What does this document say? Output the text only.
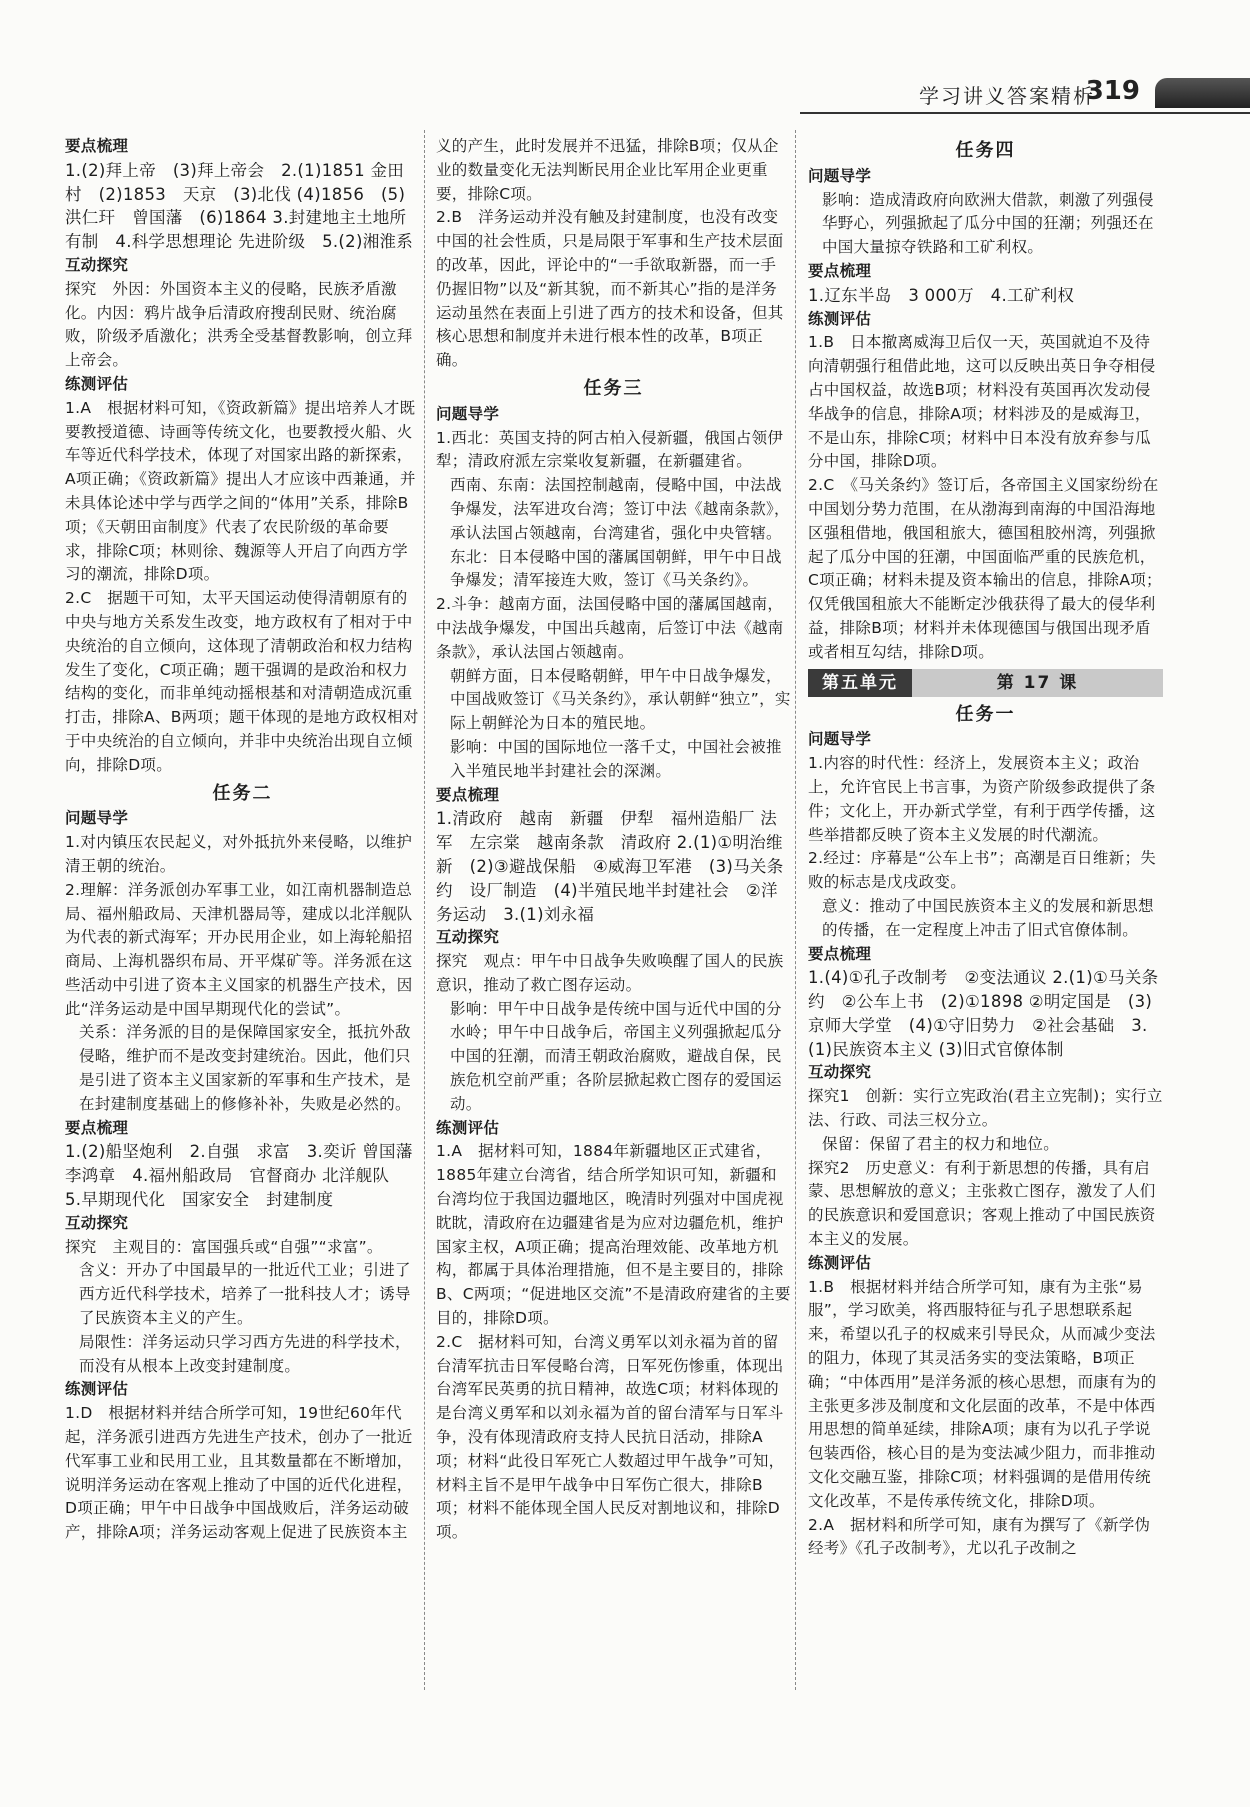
学习讲义答案精析
319

要点梳理

1.(2)拜上帝　(3)拜上帝会　2.(1)1851 金田村　(2)1853　天京　(3)北伐 (4)1856　(5)洪仁玕　曾国藩　(6)1864 3.封建地主土地所有制　4.科学思想理论 先进阶级　5.(2)湘淮系

互动探究

探究　外因：外国资本主义的侵略，民族矛盾激化。内因：鸦片战争后清政府搜刮民财、统治腐败，阶级矛盾激化；洪秀全受基督教影响，创立拜上帝会。

练测评估

1.A　根据材料可知，《资政新篇》提出培养人才既要教授道德、诗画等传统文化，也要教授火船、火车等近代科学技术，体现了对国家出路的新探索，A项正确；《资政新篇》提出人才应该中西兼通，并未具体论述中学与西学之间的“体用”关系，排除B项；《天朝田亩制度》代表了农民阶级的革命要求，排除C项；林则徐、魏源等人开启了向西方学习的潮流，排除D项。

2.C　据题干可知，太平天国运动使得清朝原有的中央与地方关系发生改变，地方政权有了相对于中央统治的自立倾向，这体现了清朝政治和权力结构发生了变化，C项正确；题干强调的是政治和权力结构的变化，而非单纯动摇根基和对清朝造成沉重打击，排除A、B两项；题干体现的是地方政权相对于中央统治的自立倾向，并非中央统治出现自立倾向，排除D项。

任务二

问题导学

1.对内镇压农民起义，对外抵抗外来侵略，以维护清王朝的统治。

2.理解：洋务派创办军事工业，如江南机器制造总局、福州船政局、天津机器局等，建成以北洋舰队为代表的新式海军；开办民用企业，如上海轮船招商局、上海机器织布局、开平煤矿等。洋务派在这些活动中引进了资本主义国家的机器生产技术，因此“洋务运动是中国早期现代化的尝试”。

关系：洋务派的目的是保障国家安全，抵抗外敌侵略，维护而不是改变封建统治。因此，他们只是引进了资本主义国家新的军事和生产技术，是在封建制度基础上的修修补补，失败是必然的。

要点梳理

1.(2)船坚炮利　2.自强　求富　3.奕䜣 曾国藩　李鸿章　4.福州船政局　官督商办 北洋舰队　5.早期现代化　国家安全　封建制度

互动探究

探究　主观目的：富国强兵或“自强”“求富”。

含义：开办了中国最早的一批近代工业；引进了西方近代科学技术，培养了一批科技人才；诱导了民族资本主义的产生。

局限性：洋务运动只学习西方先进的科学技术，而没有从根本上改变封建制度。

练测评估

1.D　根据材料并结合所学可知，19世纪60年代起，洋务派引进西方先进生产技术，创办了一批近代军事工业和民用工业，且其数量都在不断增加，说明洋务运动在客观上推动了中国的近代化进程，D项正确；甲午中日战争中国战败后，洋务运动破产，排除A项；洋务运动客观上促进了民族资本主

义的产生，此时发展并不迅猛，排除B项；仅从企业的数量变化无法判断民用企业比军用企业更重要，排除C项。

2.B　洋务运动并没有触及封建制度，也没有改变中国的社会性质，只是局限于军事和生产技术层面的改革，因此，评论中的“一手欲取新器，而一手仍握旧物”以及“新其貌，而不新其心”指的是洋务运动虽然在表面上引进了西方的技术和设备，但其核心思想和制度并未进行根本性的改革，B项正确。

任务三

问题导学

1.西北：英国支持的阿古柏入侵新疆，俄国占领伊犁；清政府派左宗棠收复新疆，在新疆建省。

西南、东南：法国控制越南，侵略中国，中法战争爆发，法军进攻台湾；签订中法《越南条款》，承认法国占领越南，台湾建省，强化中央管辖。

东北：日本侵略中国的藩属国朝鲜，甲午中日战争爆发；清军接连大败，签订《马关条约》。

2.斗争：越南方面，法国侵略中国的藩属国越南，中法战争爆发，中国出兵越南，后签订中法《越南条款》，承认法国占领越南。

朝鲜方面，日本侵略朝鲜，甲午中日战争爆发，中国战败签订《马关条约》，承认朝鲜“独立”，实际上朝鲜沦为日本的殖民地。

影响：中国的国际地位一落千丈，中国社会被推入半殖民地半封建社会的深渊。

要点梳理

1.清政府　越南　新疆　伊犁　福州造船厂 法军　左宗棠　越南条款　清政府 2.(1)①明治维新　(2)③避战保船　④威海卫军港　(3)马关条约　设厂制造　(4)半殖民地半封建社会　②洋务运动　3.(1)刘永福

互动探究

探究　观点：甲午中日战争失败唤醒了国人的民族意识，推动了救亡图存运动。

影响：甲午中日战争是传统中国与近代中国的分水岭；甲午中日战争后，帝国主义列强掀起瓜分中国的狂潮，而清王朝政治腐败，避战自保，民族危机空前严重；各阶层掀起救亡图存的爱国运动。

练测评估

1.A　据材料可知，1884年新疆地区正式建省，1885年建立台湾省，结合所学知识可知，新疆和台湾均位于我国边疆地区，晚清时列强对中国虎视眈眈，清政府在边疆建省是为应对边疆危机，维护国家主权，A项正确；提高治理效能、改革地方机构，都属于具体治理措施，但不是主要目的，排除B、C两项；“促进地区交流”不是清政府建省的主要目的，排除D项。

2.C　据材料可知，台湾义勇军以刘永福为首的留台清军抗击日军侵略台湾，日军死伤惨重，体现出台湾军民英勇的抗日精神，故选C项；材料体现的是台湾义勇军和以刘永福为首的留台清军与日军斗争，没有体现清政府支持人民抗日活动，排除A项；材料“此役日军死亡人数超过甲午战争”可知，材料主旨不是甲午战争中日军伤亡很大，排除B项；材料不能体现全国人民反对割地议和，排除D项。

任务四

问题导学

影响：造成清政府向欧洲大借款，刺激了列强侵华野心，列强掀起了瓜分中国的狂潮；列强还在中国大量掠夺铁路和工矿利权。

要点梳理

1.辽东半岛　3 000万　4.工矿利权

练测评估

1.B　日本撤离威海卫后仅一天，英国就迫不及待向清朝强行租借此地，这可以反映出英日争夺相侵占中国权益，故选B项；材料没有英国再次发动侵华战争的信息，排除A项；材料涉及的是威海卫，不是山东，排除C项；材料中日本没有放弃参与瓜分中国，排除D项。

2.C　《马关条约》签订后，各帝国主义国家纷纷在中国划分势力范围，在从渤海到南海的中国沿海地区强租借地，俄国租旅大，德国租胶州湾，列强掀起了瓜分中国的狂潮，中国面临严重的民族危机，C项正确；材料未提及资本输出的信息，排除A项；仅凭俄国租旅大不能断定沙俄获得了最大的侵华利益，排除B项；材料并未体现德国与俄国出现矛盾或者相互勾结，排除D项。

第五单元	第 17 课

任务一

问题导学

1.内容的时代性：经济上，发展资本主义；政治上，允许官民上书言事，为资产阶级参政提供了条件；文化上，开办新式学堂，有利于西学传播，这些举措都反映了资本主义发展的时代潮流。

2.经过：序幕是“公车上书”；高潮是百日维新；失败的标志是戊戌政变。

意义：推动了中国民族资本主义的发展和新思想的传播，在一定程度上冲击了旧式官僚体制。

要点梳理

1.(4)①孔子改制考　②变法通议 2.(1)①马关条约　②公车上书　(2)①1898 ②明定国是　(3)京师大学堂　(4)①守旧势力　②社会基础　3.(1)民族资本主义 (3)旧式官僚体制

互动探究

探究1　创新：实行立宪政治(君主立宪制)；实行立法、行政、司法三权分立。

保留：保留了君主的权力和地位。

探究2　历史意义：有利于新思想的传播，具有启蒙、思想解放的意义；主张救亡图存，激发了人们的民族意识和爱国意识；客观上推动了中国民族资本主义的发展。

练测评估

1.B　根据材料并结合所学可知，康有为主张“易服”，学习欧美，将西服特征与孔子思想联系起来，希望以孔子的权威来引导民众，从而减少变法的阻力，体现了其灵活务实的变法策略，B项正确；“中体西用”是洋务派的核心思想，而康有为的主张更多涉及制度和文化层面的改革，不是中体西用思想的简单延续，排除A项；康有为以孔子学说包装西俗，核心目的是为变法减少阻力，而非推动文化交融互鉴，排除C项；材料强调的是借用传统文化改革，不是传承传统文化，排除D项。

2.A　据材料和所学可知，康有为撰写了《新学伪经考》《孔子改制考》，尤以孔子改制之
